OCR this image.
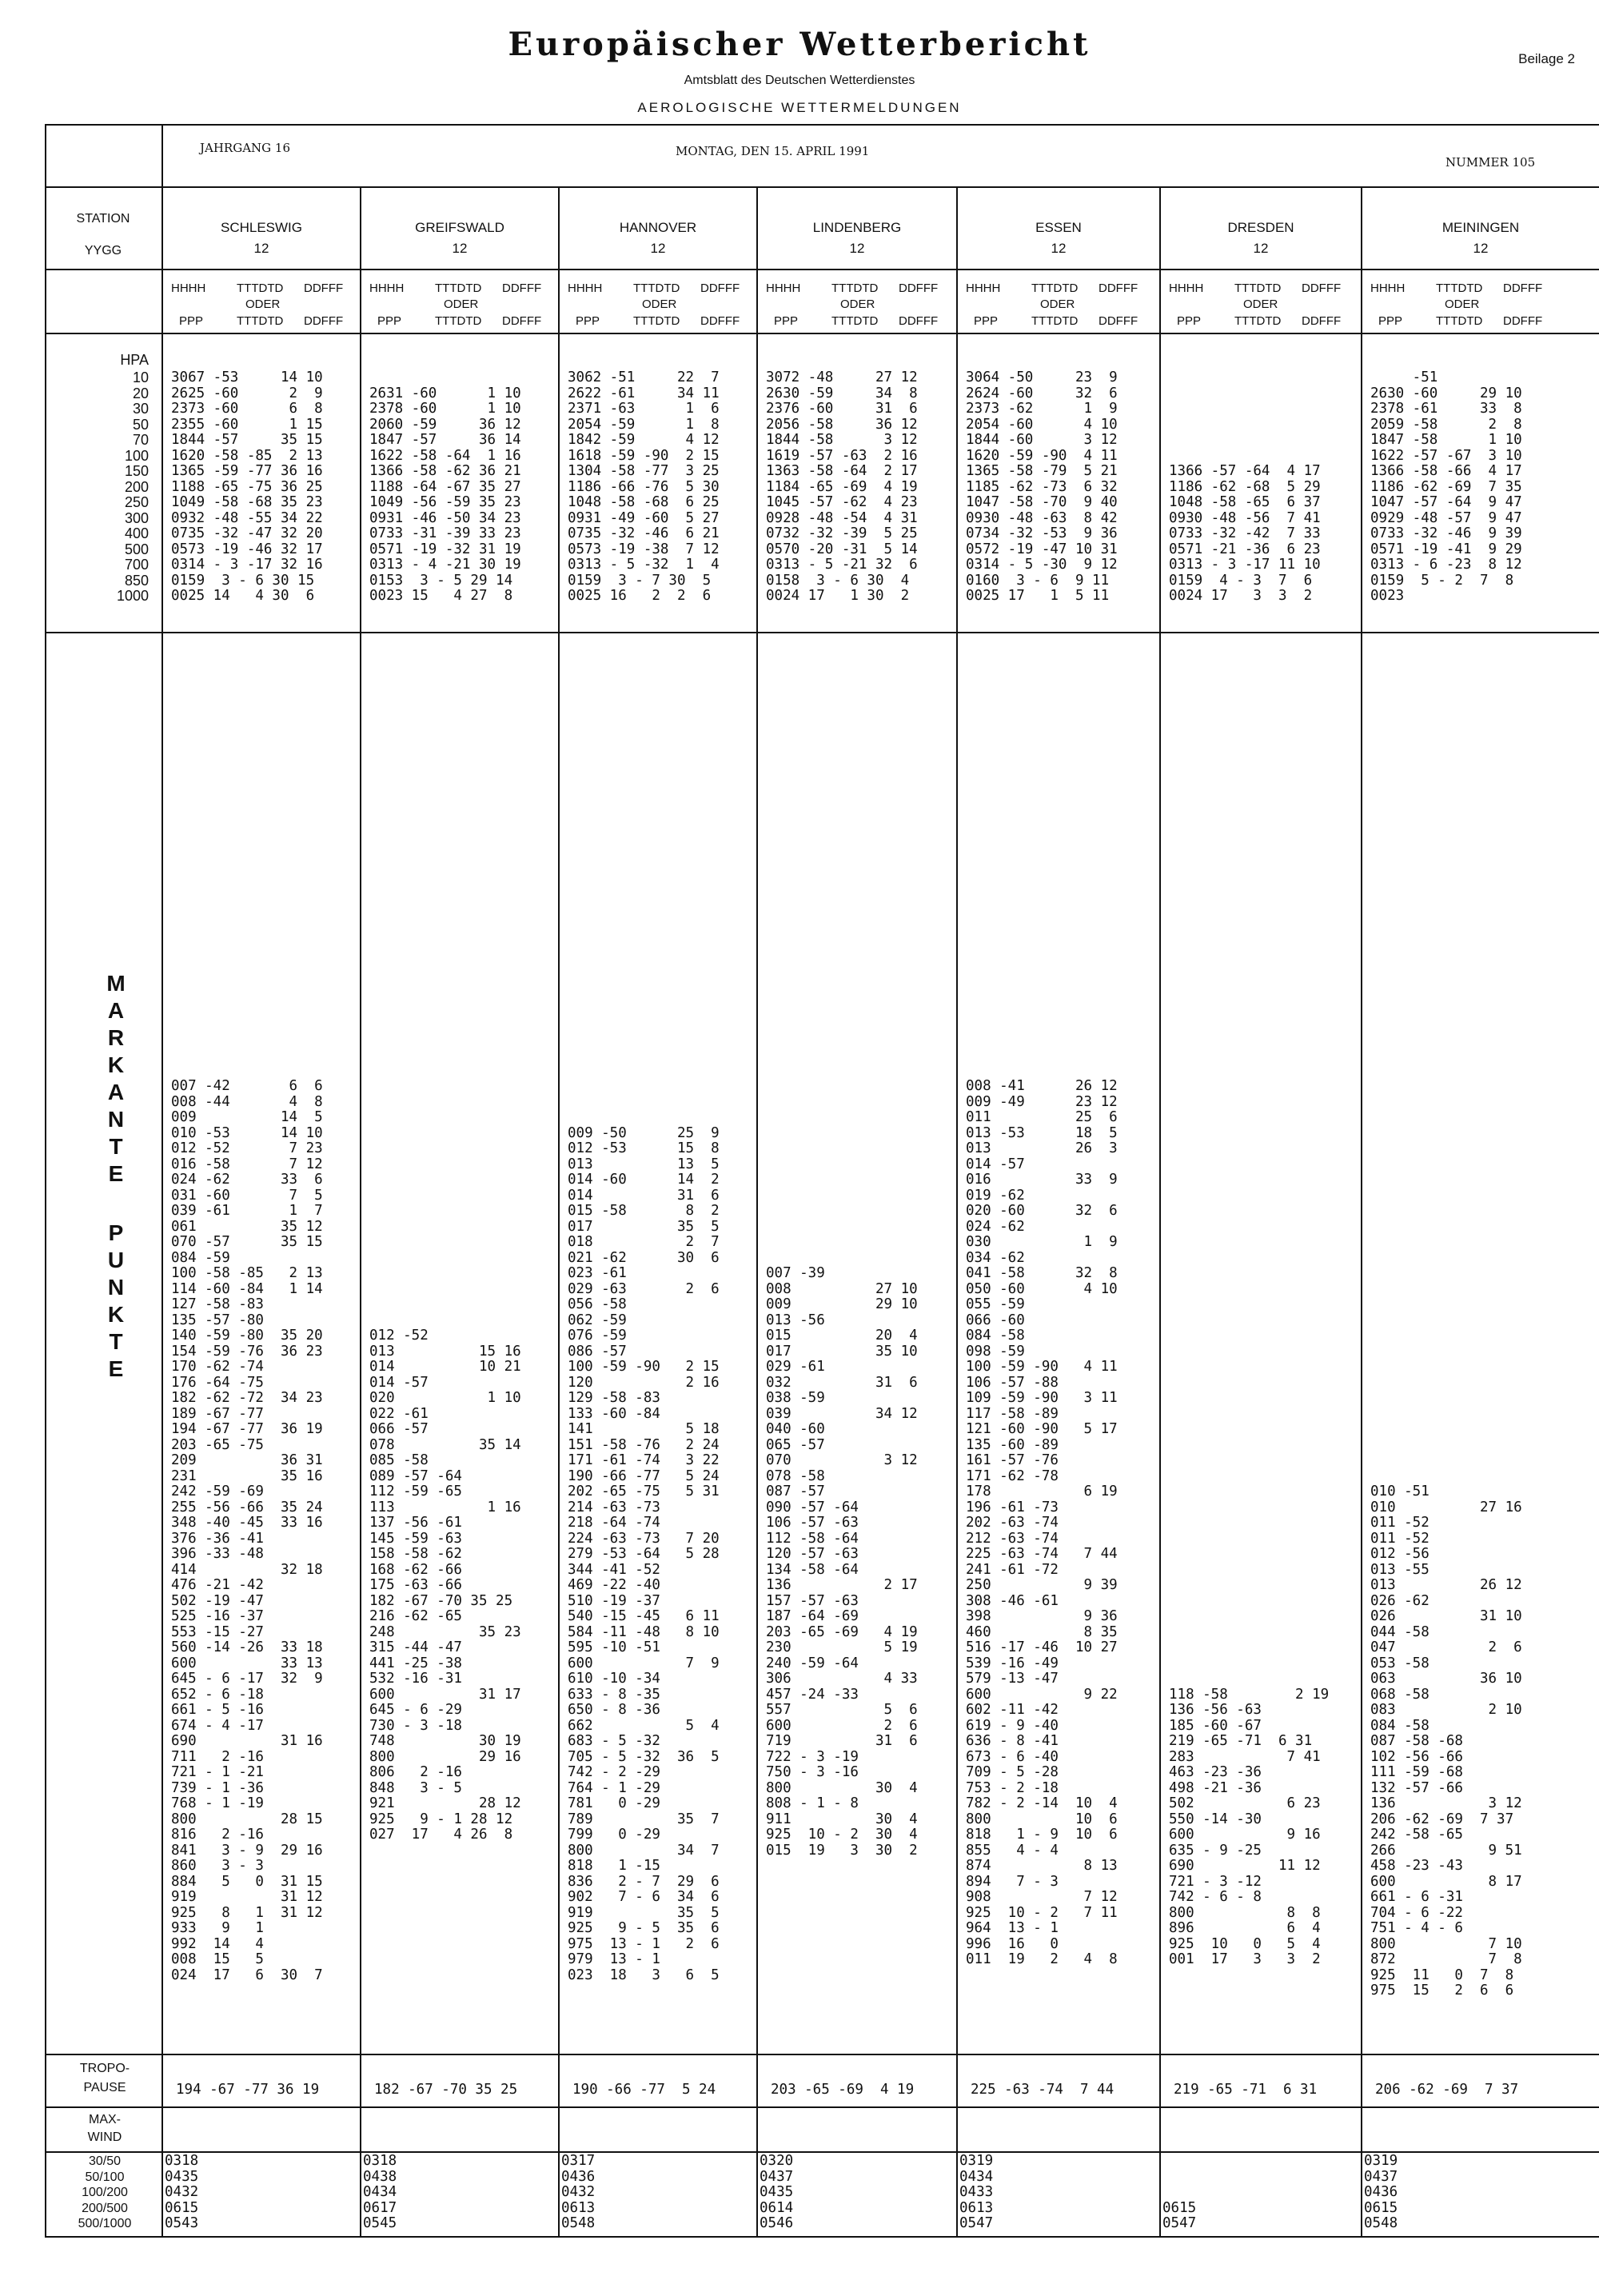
Europäischer Wetterbericht
Amtsblatt des Deutschen Wetterdienstes
AEROLOGISCHE WETTERMELDUNGEN
Beilage 2
JAHRGANG 16	MONTAG, DEN 15. APRIL 1991
NUMMER 105
STATION
YYGG
HPA
10
20
30
50
70
100
150
200
250
300
400
500
700
850
1000
M
A
R
K
A
N
T
E
P
U
N
K
T
E
TROPO-
PAUSE
MAX-
WIND
30/50
50/100
100/200
200/500
500/1000
SCHLESWIG
12
HHHH
PPP
TTTDTD
ODER
TTTDTD
DDFFF
DDFFF
3067 -53     14 10
2625 -60      2  9
2373 -60      6  8
2355 -60      1 15
1844 -57     35 15
1620 -58 -85  2 13
1365 -59 -77 36 16
1188 -65 -75 36 25
1049 -58 -68 35 23
0932 -48 -55 34 22
0735 -32 -47 32 20
0573 -19 -46 32 17
0314 - 3 -17 32 16
0159  3 - 6 30 15
0025 14   4 30  6
007 -42       6  6
008 -44       4  8
009          14  5
010 -53      14 10
012 -52       7 23
016 -58       7 12
024 -62      33  6
031 -60       7  5
039 -61       1  7
061          35 12
070 -57      35 15
084 -59
100 -58 -85   2 13
114 -60 -84   1 14
127 -58 -83
135 -57 -80
140 -59 -80  35 20
154 -59 -76  36 23
170 -62 -74
176 -64 -75
182 -62 -72  34 23
189 -67 -77
194 -67 -77  36 19
203 -65 -75
209          36 31
231          35 16
242 -59 -69
255 -56 -66  35 24
348 -40 -45  33 16
376 -36 -41
396 -33 -48
414          32 18
476 -21 -42
502 -19 -47
525 -16 -37
553 -15 -27
560 -14 -26  33 18
600          33 13
645 - 6 -17  32  9
652 - 6 -18
661 - 5 -16
674 - 4 -17
690          31 16
711   2 -16
721 - 1 -21
739 - 1 -36
768 - 1 -19
800          28 15
816   2 -16
841   3 - 9  29 16
860   3 - 3
884   5   0  31 15
919          31 12
925   8   1  31 12
933   9   1
992  14   4
008  15   5
024  17   6  30  7
194 -67 -77 36 19
0318
0435
0432
0615
0543
GREIFSWALD
12
HHHH
PPP
TTTDTD
ODER
TTTDTD
DDFFF
DDFFF
2631 -60      1 10
2378 -60      1 10
2060 -59     36 12
1847 -57     36 14
1622 -58 -64  1 16
1366 -58 -62 36 21
1188 -64 -67 35 27
1049 -56 -59 35 23
0931 -46 -50 34 23
0733 -31 -39 33 23
0571 -19 -32 31 19
0313 - 4 -21 30 19
0153  3 - 5 29 14
0023 15   4 27  8
012 -52
013          15 16
014          10 21
014 -57
020           1 10
022 -61
066 -57
078          35 14
085 -58
089 -57 -64
112 -59 -65
113           1 16
137 -56 -61
145 -59 -63
158 -58 -62
168 -62 -66
175 -63 -66
182 -67 -70 35 25
216 -62 -65
248          35 23
315 -44 -47
441 -25 -38
532 -16 -31
600          31 17
645 - 6 -29
730 - 3 -18
748          30 19
800          29 16
806   2 -16
848   3 - 5
921          28 12
925   9 - 1 28 12
027  17   4 26  8
182 -67 -70 35 25
0318
0438
0434
0617
0545
HANNOVER
12
HHHH
PPP
TTTDTD
ODER
TTTDTD
DDFFF
DDFFF
3062 -51     22  7
2622 -61     34 11
2371 -63      1  6
2054 -59      1  8
1842 -59      4 12
1618 -59 -90  2 15
1304 -58 -77  3 25
1186 -66 -76  5 30
1048 -58 -68  6 25
0931 -49 -60  5 27
0735 -32 -46  6 21
0573 -19 -38  7 12
0313 - 5 -32  1  4
0159  3 - 7 30  5
0025 16   2  2  6
009 -50      25  9
012 -53      15  8
013          13  5
014 -60      14  2
014          31  6
015 -58       8  2
017          35  5
018           2  7
021 -62      30  6
023 -61
029 -63       2  6
056 -58
062 -59
076 -59
086 -57
100 -59 -90   2 15
120           2 16
129 -58 -83
133 -60 -84
141           5 18
151 -58 -76   2 24
171 -61 -74   3 22
190 -66 -77   5 24
202 -65 -75   5 31
214 -63 -73
218 -64 -74
224 -63 -73   7 20
279 -53 -64   5 28
344 -41 -52
469 -22 -40
510 -19 -37
540 -15 -45   6 11
584 -11 -48   8 10
595 -10 -51
600           7  9
610 -10 -34
633 - 8 -35
650 - 8 -36
662           5  4
683 - 5 -32
705 - 5 -32  36  5
742 - 2 -29
764 - 1 -29
781   0 -29
789          35  7
799   0 -29
800          34  7
818   1 -15
836   2 - 7  29  6
902   7 - 6  34  6
919          35  5
925   9 - 5  35  6
975  13 - 1   2  6
979  13 - 1
023  18   3   6  5
190 -66 -77  5 24
0317
0436
0432
0613
0548
LINDENBERG
12
HHHH
PPP
TTTDTD
ODER
TTTDTD
DDFFF
DDFFF
3072 -48     27 12
2630 -59     34  8
2376 -60     31  6
2056 -58     36 12
1844 -58      3 12
1619 -57 -63  2 16
1363 -58 -64  2 17
1184 -65 -69  4 19
1045 -57 -62  4 23
0928 -48 -54  4 31
0732 -32 -39  5 25
0570 -20 -31  5 14
0313 - 5 -21 32  6
0158  3 - 6 30  4
0024 17   1 30  2
007 -39
008          27 10
009          29 10
013 -56
015          20  4
017          35 10
029 -61
032          31  6
038 -59
039          34 12
040 -60
065 -57
070           3 12
078 -58
087 -57
090 -57 -64
106 -57 -63
112 -58 -64
120 -57 -63
134 -58 -64
136           2 17
157 -57 -63
187 -64 -69
203 -65 -69   4 19
230           5 19
240 -59 -64
306           4 33
457 -24 -33
557           5  6
600           2  6
719          31  6
722 - 3 -19
750 - 3 -16
800          30  4
808 - 1 - 8
911          30  4
925  10 - 2  30  4
015  19   3  30  2
203 -65 -69  4 19
0320
0437
0435
0614
0546
ESSEN
12
HHHH
PPP
TTTDTD
ODER
TTTDTD
DDFFF
DDFFF
3064 -50     23  9
2624 -60     32  6
2373 -62      1  9
2054 -60      4 10
1844 -60      3 12
1620 -59 -90  4 11
1365 -58 -79  5 21
1185 -62 -73  6 32
1047 -58 -70  9 40
0930 -48 -63  8 42
0734 -32 -53  9 36
0572 -19 -47 10 31
0314 - 5 -30  9 12
0160  3 - 6  9 11
0025 17   1  5 11
008 -41      26 12
009 -49      23 12
011          25  6
013 -53      18  5
013          26  3
014 -57
016          33  9
019 -62
020 -60      32  6
024 -62
030           1  9
034 -62
041 -58      32  8
050 -60       4 10
055 -59
066 -60
084 -58
098 -59
100 -59 -90   4 11
106 -57 -88
109 -59 -90   3 11
117 -58 -89
121 -60 -90   5 17
135 -60 -89
161 -57 -76
171 -62 -78
178           6 19
196 -61 -73
202 -63 -74
212 -63 -74
225 -63 -74   7 44
241 -61 -72
250           9 39
308 -46 -61
398           9 36
460           8 35
516 -17 -46  10 27
539 -16 -49
579 -13 -47
600           9 22
602 -11 -42
619 - 9 -40
636 - 8 -41
673 - 6 -40
709 - 5 -28
753 - 2 -18
782 - 2 -14  10  4
800          10  6
818   1 - 9  10  6
855   4 - 4
874           8 13
894   7 - 3
908           7 12
925  10 - 2   7 11
964  13 - 1
996  16   0
011  19   2   4  8
225 -63 -74  7 44
0319
0434
0433
0613
0547
DRESDEN
12
HHHH
PPP
TTTDTD
ODER
TTTDTD
DDFFF
DDFFF
1366 -57 -64  4 17
1186 -62 -68  5 29
1048 -58 -65  6 37
0930 -48 -56  7 41
0733 -32 -42  7 33
0571 -21 -36  6 23
0313 - 3 -17 11 10
0159  4 - 3  7  6
0024 17   3  3  2
118 -58        2 19
136 -56 -63
185 -60 -67
219 -65 -71  6 31
283           7 41
463 -23 -36
498 -21 -36
502           6 23
550 -14 -30
600           9 16
635 - 9 -25
690          11 12
721 - 3 -12
742 - 6 - 8
800           8  8
896           6  4
925  10   0   5  4
001  17   3   3  2
219 -65 -71  6 31
0615
0547
MEININGEN
12
HHHH
PPP
TTTDTD
ODER
TTTDTD
DDFFF
DDFFF
-51
2630 -60     29 10
2378 -61     33  8
2059 -58      2  8
1847 -58      1 10
1622 -57 -67  3 10
1366 -58 -66  4 17
1186 -62 -69  7 35
1047 -57 -64  9 47
0929 -48 -57  9 47
0733 -32 -46  9 39
0571 -19 -41  9 29
0313 - 6 -23  8 12
0159  5 - 2  7  8
0023
010 -51
010          27 16
011 -52
011 -52
012 -56
013 -55
013          26 12
026 -62
026          31 10
044 -58
047           2  6
053 -58
063          36 10
068 -58
083           2 10
084 -58
087 -58 -68
102 -56 -66
111 -59 -68
132 -57 -66
136           3 12
206 -62 -69  7 37
242 -58 -65
266           9 51
458 -23 -43
600           8 17
661 - 6 -31
704 - 6 -22
751 - 4 - 6
800           7 10
872           7  8
925  11   0  7  8
975  15   2  6  6
206 -62 -69  7 37
0319
0437
0436
0615
0548
